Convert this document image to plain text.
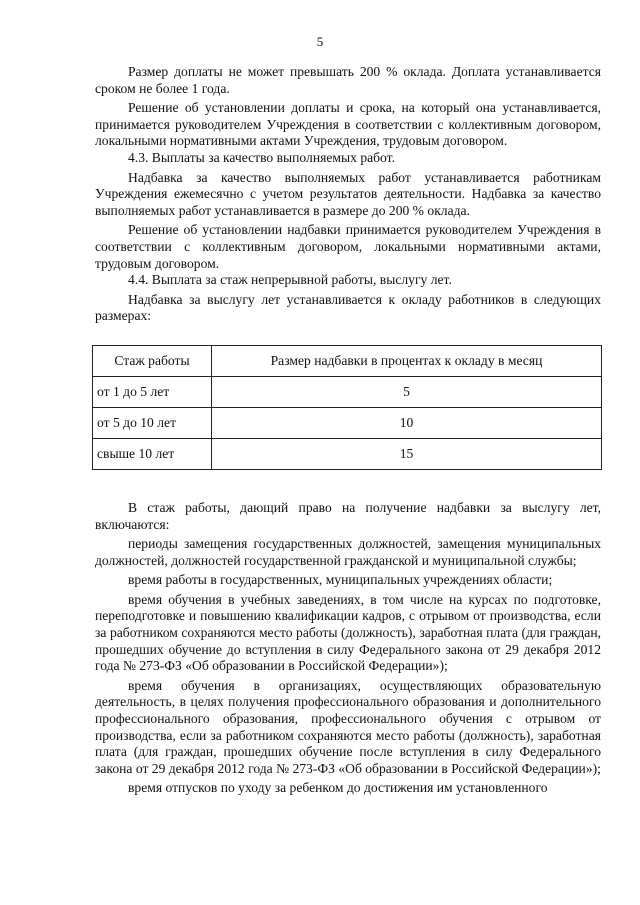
5

Размер доплаты не может превышать 200 % оклада. Доплата устанавливается сроком не более 1 года.

Решение об установлении доплаты и срока, на который она устанавливается, принимается руководителем Учреждения в соответствии с коллективным договором, локальными нормативными актами Учреждения, трудовым договором.

4.3. Выплаты за качество выполняемых работ.

Надбавка за качество выполняемых работ устанавливается работникам Учреждения ежемесячно с учетом результатов деятельности. Надбавка за качество выполняемых работ устанавливается в размере до 200 % оклада.

Решение об установлении надбавки принимается руководителем Учреждения в соответствии с коллективным договором, локальными нормативными актами, трудовым договором.

4.4. Выплата за стаж непрерывной работы, выслугу лет.

Надбавка за выслугу лет устанавливается к окладу работников в следующих размерах:

Стаж работы	Размер надбавки в процентах к окладу в месяц
от 1 до 5 лет	5
от 5 до 10 лет	10
свыше 10 лет	15

В стаж работы, дающий право на получение надбавки за выслугу лет, включаются:

периоды замещения государственных должностей, замещения муниципальных должностей, должностей государственной гражданской и муниципальной службы;

время работы в государственных, муниципальных учреждениях области;

время обучения в учебных заведениях, в том числе на курсах по подготовке, переподготовке и повышению квалификации кадров, с отрывом от производства, если за работником сохраняются место работы (должность), заработная плата (для граждан, прошедших обучение до вступления в силу Федерального закона от 29 декабря 2012 года № 273-ФЗ «Об образовании в Российской Федерации»);

время обучения в организациях, осуществляющих образовательную деятельность, в целях получения профессионального образования и дополнительного профессионального образования, профессионального обучения с отрывом от производства, если за работником сохраняются место работы (должность), заработная плата (для граждан, прошедших обучение после вступления в силу Федерального закона от 29 декабря 2012 года № 273-ФЗ «Об образовании в Российской Федерации»);

время отпусков по уходу за ребенком до достижения им установленного
